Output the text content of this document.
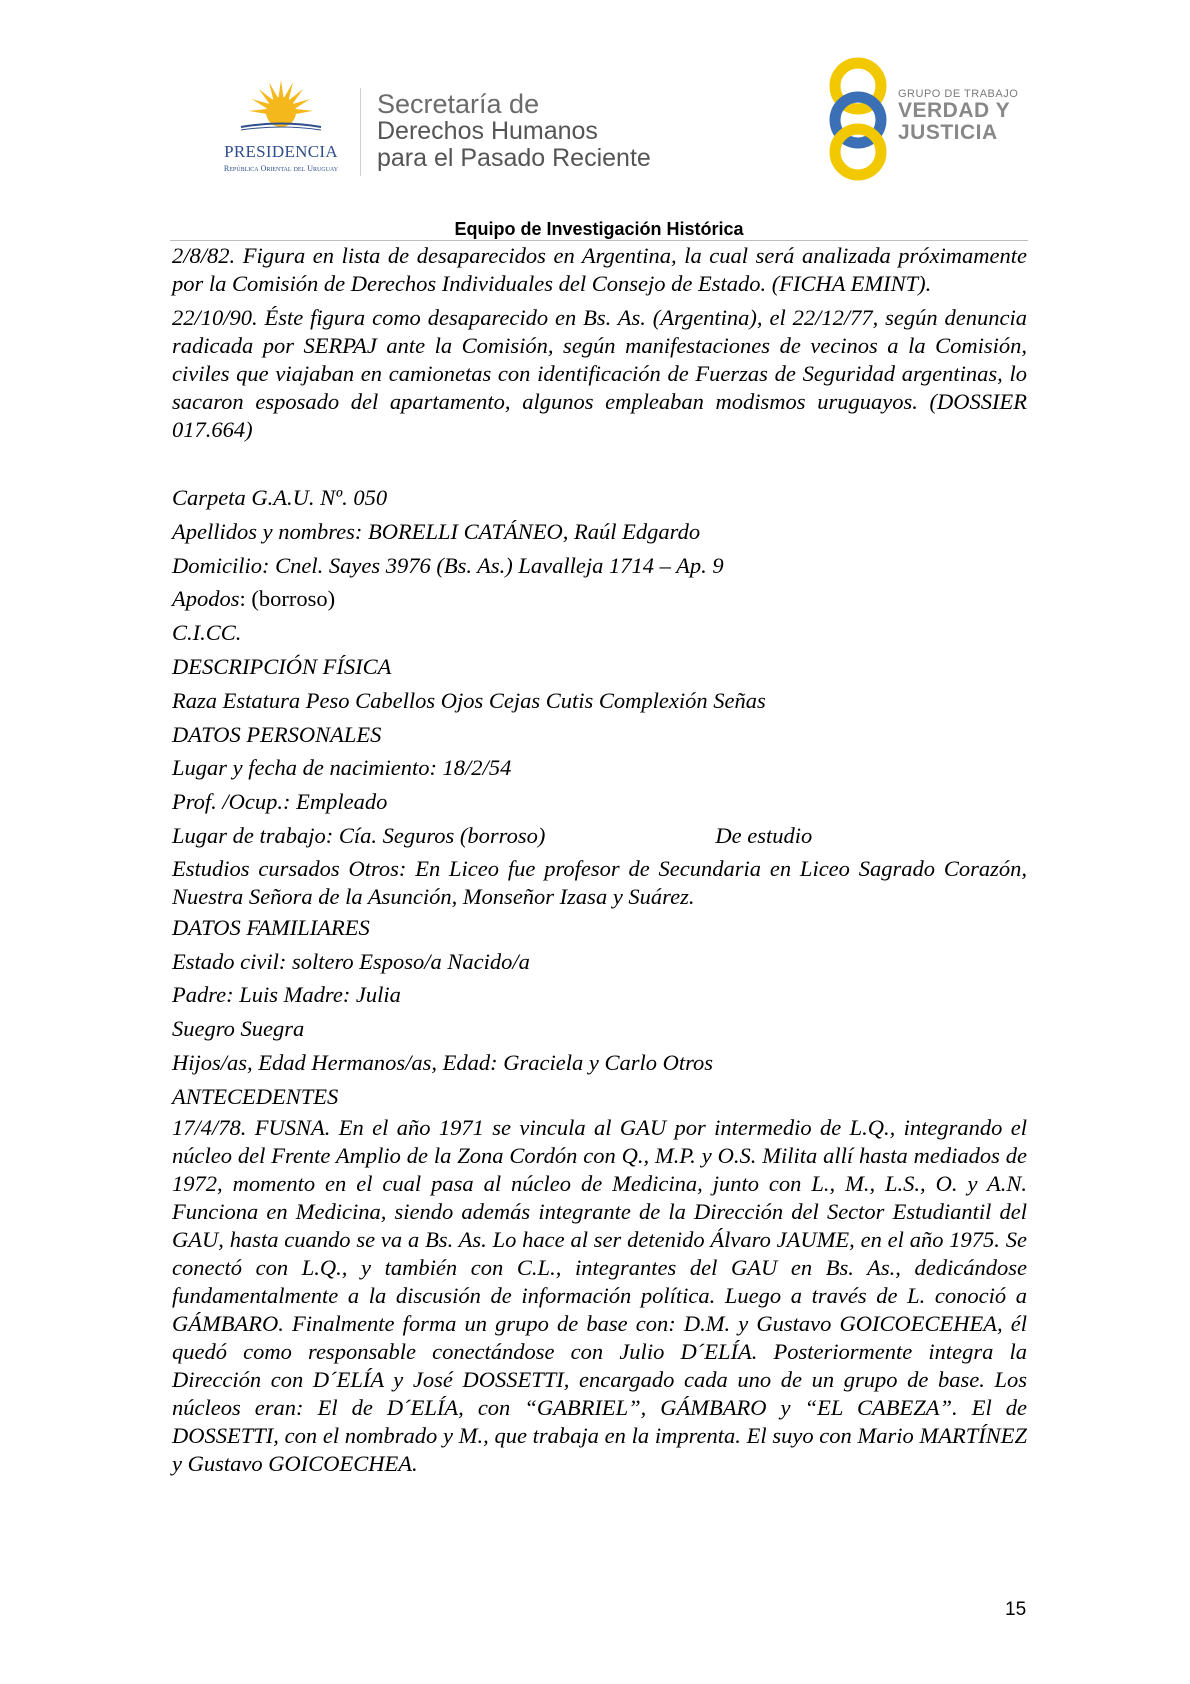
PRESIDENCIA
República Oriental del Uruguay
Secretaría de
Derechos Humanos
para el Pasado Reciente
GRUPO DE TRABAJO
VERDAD Y
JUSTICIA
Equipo de Investigación Histórica

2/8/82. Figura en lista de desaparecidos en Argentina, la cual será analizada próximamente por la Comisión de Derechos Individuales del Consejo de Estado. (FICHA EMINT).

22/10/90. Éste figura como desaparecido en Bs. As. (Argentina), el 22/12/77, según denuncia radicada por SERPAJ ante la Comisión, según manifestaciones de vecinos a la Comisión, civiles que viajaban en camionetas con identificación de Fuerzas de Seguridad argentinas, lo sacaron esposado del apartamento, algunos empleaban modismos uruguayos. (DOSSIER 017.664)

Carpeta G.A.U. Nº. 050

Apellidos y nombres: BORELLI CATÁNEO, Raúl Edgardo

Domicilio: Cnel. Sayes 3976 (Bs. As.) Lavalleja 1714 – Ap. 9

Apodos: (borroso)

C.I.CC.

DESCRIPCIÓN FÍSICA

Raza Estatura Peso Cabellos Ojos Cejas Cutis Complexión Señas

DATOS PERSONALES

Lugar y fecha de nacimiento: 18/2/54

Prof. /Ocup.: Empleado

Lugar de trabajo: Cía. Seguros (borroso)	De estudio

Estudios cursados Otros: En Liceo fue profesor de Secundaria en Liceo Sagrado Corazón, Nuestra Señora de la Asunción, Monseñor Izasa y Suárez.

DATOS FAMILIARES

Estado civil: soltero Esposo/a Nacido/a

Padre: Luis Madre: Julia

Suegro Suegra

Hijos/as, Edad Hermanos/as, Edad: Graciela y Carlo Otros

ANTECEDENTES

17/4/78. FUSNA. En el año 1971 se vincula al GAU por intermedio de L.Q., integrando el núcleo del Frente Amplio de la Zona Cordón con Q., M.P. y O.S. Milita allí hasta mediados de 1972, momento en el cual pasa al núcleo de Medicina, junto con L., M., L.S., O. y A.N. Funciona en Medicina, siendo además integrante de la Dirección del Sector Estudiantil del GAU, hasta cuando se va a Bs. As. Lo hace al ser detenido Álvaro JAUME, en el año 1975. Se conectó con L.Q., y también con C.L., integrantes del GAU en Bs. As., dedicándose fundamentalmente a la discusión de información política. Luego a través de L. conoció a GÁMBARO. Finalmente forma un grupo de base con: D.M. y Gustavo GOICOECEHEA, él quedó como responsable conectándose con Julio D´ELÍA. Posteriormente integra la Dirección con D´ELÍA y José DOSSETTI, encargado cada uno de un grupo de base. Los núcleos eran: El de D´ELÍA, con “GABRIEL”, GÁMBARO y “EL CABEZA”. El de DOSSETTI, con el nombrado y M., que trabaja en la imprenta. El suyo con Mario MARTÍNEZ y Gustavo GOICOECHEA.

15
